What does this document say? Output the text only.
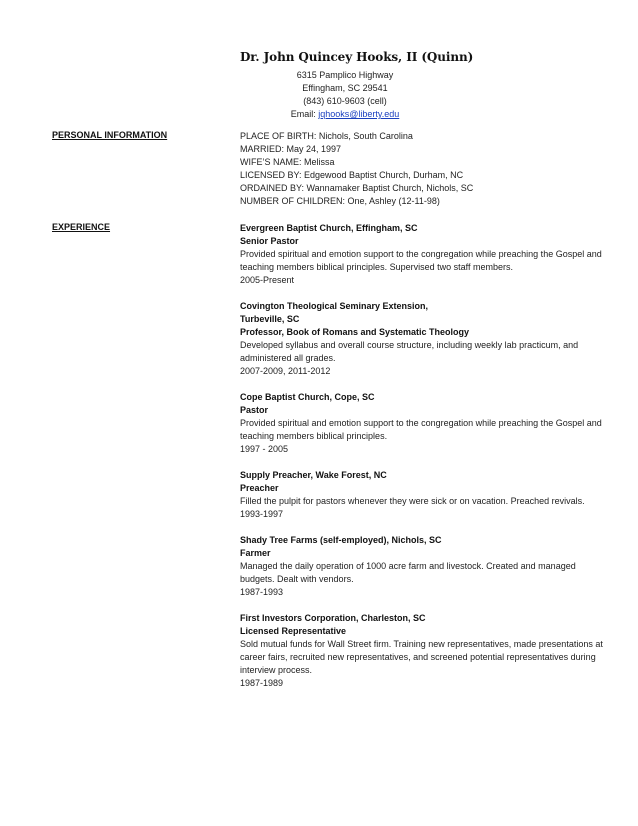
Dr. John Quincey Hooks, II (Quinn)
6315 Pamplico Highway
Effingham, SC 29541
(843) 610-9603 (cell)
Email: jqhooks@liberty.edu
PERSONAL INFORMATION	PLACE OF BIRTH: Nichols, South Carolina
MARRIED: May 24, 1997
WIFE’S NAME: Melissa
LICENSED BY: Edgewood Baptist Church, Durham, NC
ORDAINED BY: Wannamaker Baptist Church, Nichols, SC
NUMBER OF CHILDREN: One, Ashley (12-11-98)
EXPERIENCE	Evergreen Baptist Church, Effingham, SC
Senior Pastor
Provided spiritual and emotion support to the congregation while preaching the Gospel and teaching members biblical principles. Supervised two staff members.
2005-Present
Covington Theological Seminary Extension,
Turbeville, SC
Professor, Book of Romans and Systematic Theology
Developed syllabus and overall course structure, including weekly lab practicum, and administered all grades.
2007-2009, 2011-2012
Cope Baptist Church, Cope, SC
Pastor
Provided spiritual and emotion support to the congregation while preaching the Gospel and teaching members biblical principles.
1997 - 2005
Supply Preacher, Wake Forest, NC
Preacher
Filled the pulpit for pastors whenever they were sick or on vacation. Preached revivals.
1993-1997
Shady Tree Farms (self-employed), Nichols, SC
Farmer
Managed the daily operation of 1000 acre farm and livestock. Created and managed budgets. Dealt with vendors.
1987-1993
First Investors Corporation, Charleston, SC
Licensed Representative
Sold mutual funds for Wall Street firm. Training new representatives, made presentations at career fairs, recruited new representatives, and screened potential representatives during interview process.
1987-1989
